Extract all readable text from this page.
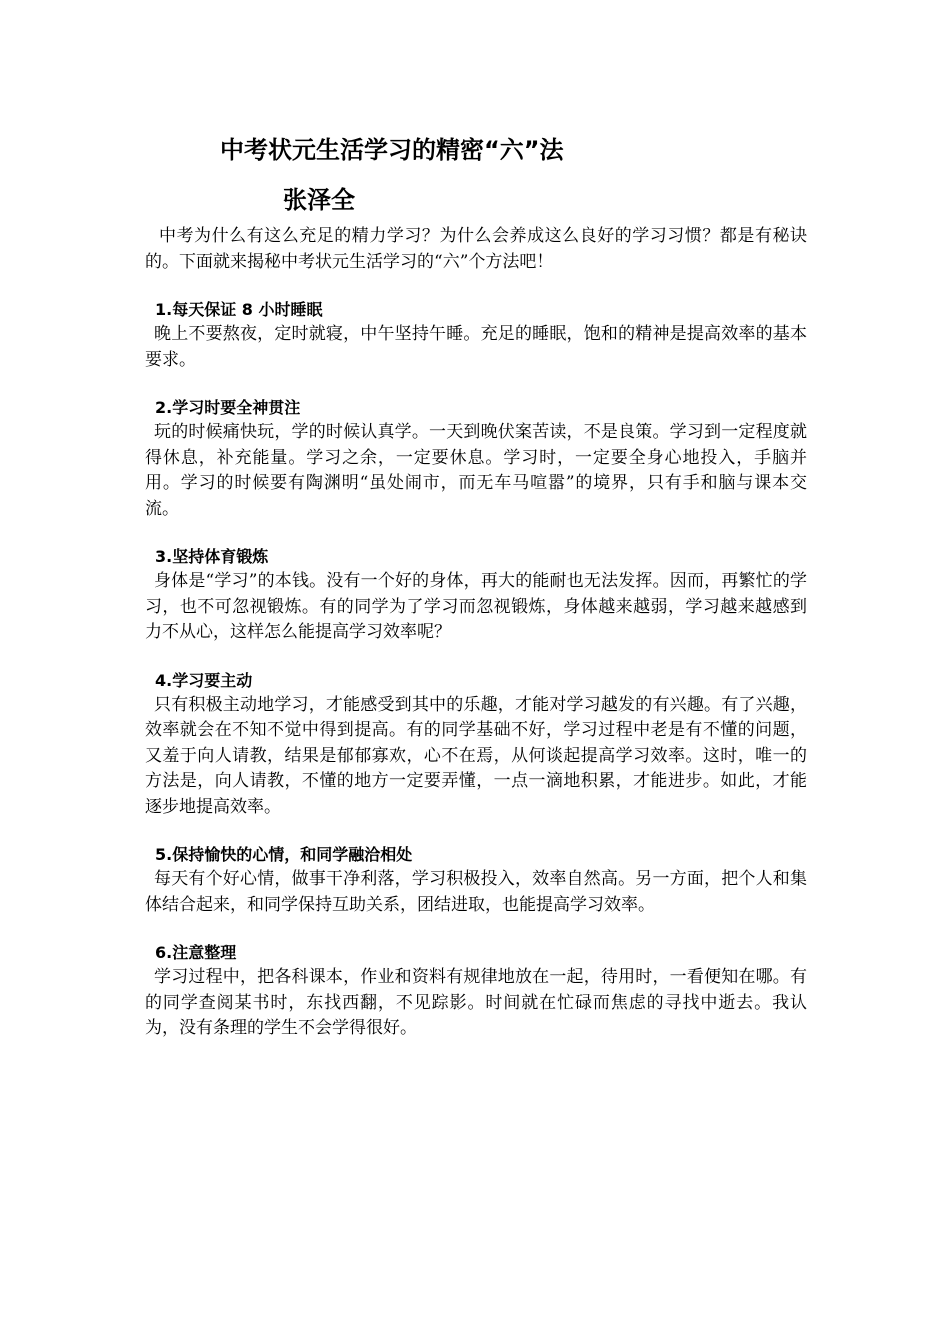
中考状元生活学习的精密“六”法
张泽全

中考为什么有这么充足的精力学习？为什么会养成这么良好的学习习惯？都是有秘诀的。下面就来揭秘中考状元生活学习的“六”个方法吧！

1.每天保证 8 小时睡眠

晚上不要熬夜，定时就寝，中午坚持午睡。充足的睡眠，饱和的精神是提高效率的基本要求。

2.学习时要全神贯注

玩的时候痛快玩，学的时候认真学。一天到晚伏案苦读，不是良策。学习到一定程度就得休息，补充能量。学习之余，一定要休息。学习时，一定要全身心地投入，手脑并用。学习的时候要有陶渊明“虽处闹市，而无车马喧嚣”的境界，只有手和脑与课本交流。

3.坚持体育锻炼

身体是“学习”的本钱。没有一个好的身体，再大的能耐也无法发挥。因而，再繁忙的学习，也不可忽视锻炼。有的同学为了学习而忽视锻炼，身体越来越弱，学习越来越感到力不从心，这样怎么能提高学习效率呢？

4.学习要主动

只有积极主动地学习，才能感受到其中的乐趣，才能对学习越发的有兴趣。有了兴趣，效率就会在不知不觉中得到提高。有的同学基础不好，学习过程中老是有不懂的问题，又羞于向人请教，结果是郁郁寡欢，心不在焉，从何谈起提高学习效率。这时，唯一的方法是，向人请教，不懂的地方一定要弄懂，一点一滴地积累，才能进步。如此，才能逐步地提高效率。

5.保持愉快的心情，和同学融洽相处

每天有个好心情，做事干净利落，学习积极投入，效率自然高。另一方面，把个人和集体结合起来，和同学保持互助关系，团结进取，也能提高学习效率。

6.注意整理

学习过程中，把各科课本，作业和资料有规律地放在一起，待用时，一看便知在哪。有的同学查阅某书时，东找西翻，不见踪影。时间就在忙碌而焦虑的寻找中逝去。我认为，没有条理的学生不会学得很好。
